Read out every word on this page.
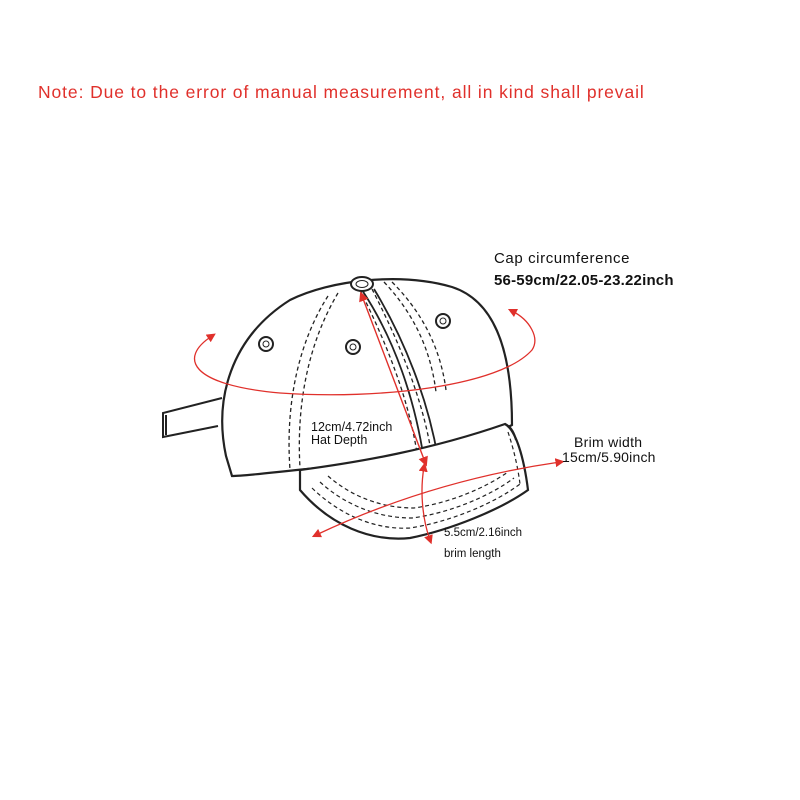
Note: Due to the error of manual measurement, all in kind shall prevail
Cap circumference
56-59cm/22.05-23.22inch
12cm/4.72inch
Hat Depth	Brim width
15cm/5.90inch
5.5cm/2.16inch
brim length
